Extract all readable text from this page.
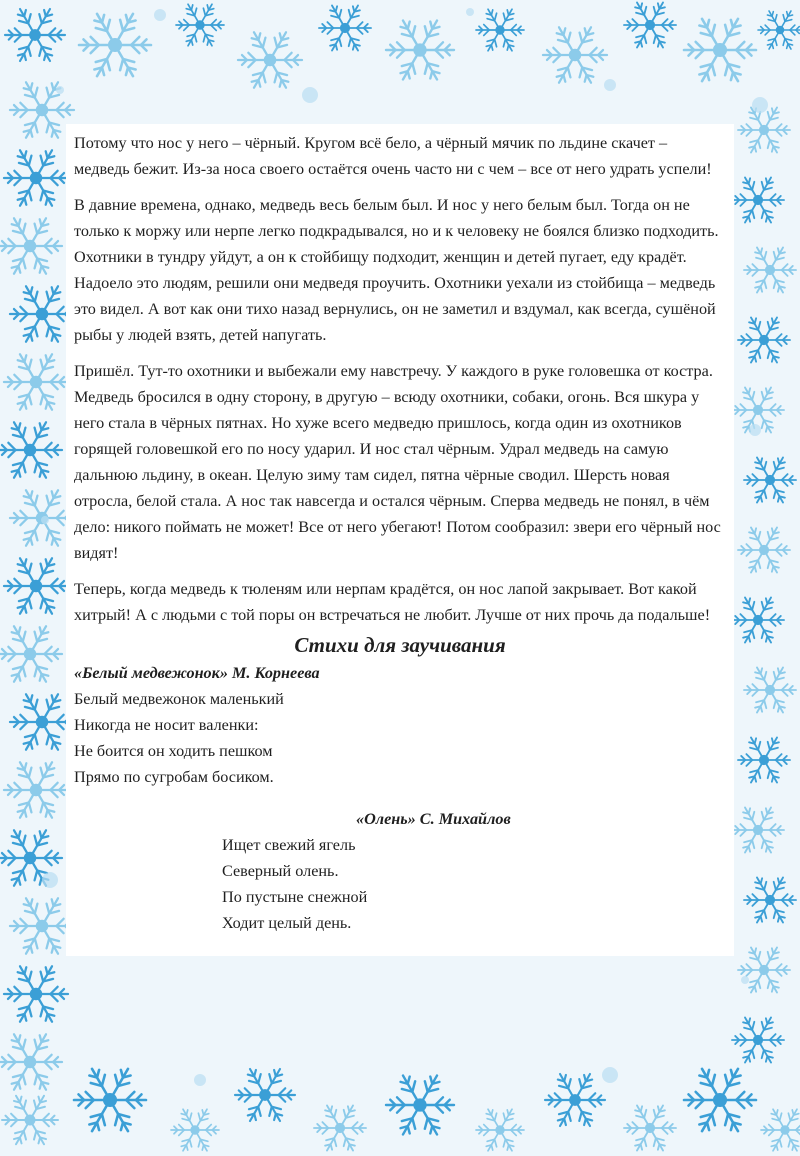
Потому что нос у него – чёрный. Кругом всё бело, а чёрный мячик по льдине скачет – медведь бежит. Из-за носа своего остаётся очень часто ни с чем – все от него удрать успели!

В давние времена, однако, медведь весь белым был. И нос у него белым был. Тогда он не только к моржу или нерпе легко подкрадывался, но и к человеку не боялся близко подходить. Охотники в тундру уйдут, а он к стойбищу подходит, женщин и детей пугает, еду крадёт. Надоело это людям, решили они медведя проучить. Охотники уехали из стойбища – медведь это видел. А вот как они тихо назад вернулись, он не заметил и вздумал, как всегда, сушёной рыбы у людей взять, детей напугать.

Пришёл. Тут-то охотники и выбежали ему навстречу. У каждого в руке головешка от костра. Медведь бросился в одну сторону, в другую – всюду охотники, собаки, огонь. Вся шкура у него стала в чёрных пятнах. Но хуже всего медведю пришлось, когда один из охотников горящей головешкой его по носу ударил. И нос стал чёрным. Удрал медведь на самую дальнюю льдину, в океан. Целую зиму там сидел, пятна чёрные сводил. Шерсть новая отросла, белой стала. А нос так навсегда и остался чёрным. Сперва медведь не понял, в чём дело: никого поймать не может! Все от него убегают! Потом сообразил: звери его чёрный нос видят!

Теперь, когда медведь к тюленям или нерпам крадётся, он нос лапой закрывает. Вот какой хитрый! А с людьми с той поры он встречаться не любит. Лучше от них прочь да подальше!

Стихи для заучивания

«Белый медвежонок» М. Корнеева

Белый медвежонок маленький

Никогда не носит валенки:

Не боится он ходить пешком

Прямо по сугробам босиком.

«Олень» С. Михайлов

Ищет свежий ягель

Северный олень.

По пустыне снежной

Ходит целый день.
